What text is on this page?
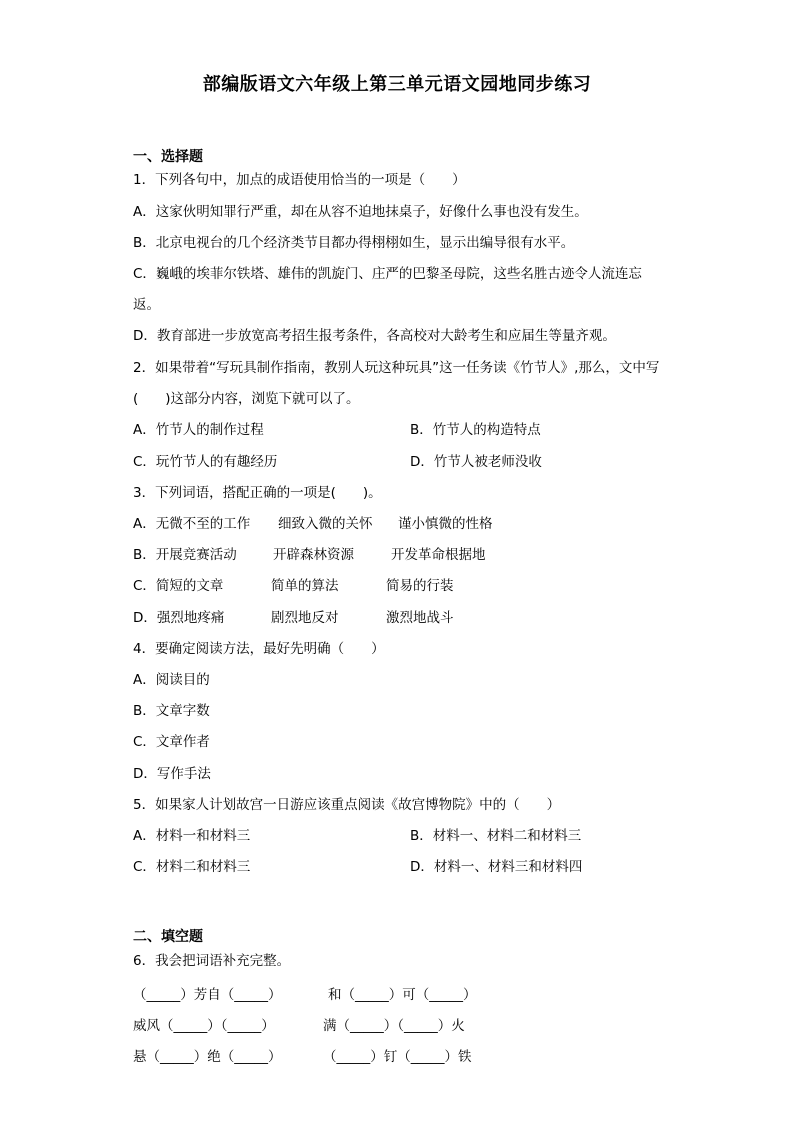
部编版语文六年级上第三单元语文园地同步练习
一、选择题
1．下列各句中，加点的成语使用恰当的一项是（　　）
A．这家伙明知罪行严重，却在从容不迫地抹桌子，好像什么事也没有发生。
B．北京电视台的几个经济类节目都办得栩栩如生，显示出编导很有水平。
C．巍峨的埃菲尔铁塔、雄伟的凯旋门、庄严的巴黎圣母院，这些名胜古迹令人流连忘
返。
D．教育部进一步放宽高考招生报考条件，各高校对大龄考生和应届生等量齐观。
2．如果带着“写玩具制作指南，教别人玩这种玩具”这一任务读《竹节人》,那么，文中写
(　　)这部分内容，浏览下就可以了。
A．竹节人的制作过程	B．竹节人的构造特点
C．玩竹节人的有趣经历	D．竹节人被老师没收
3．下列词语，搭配正确的一项是(　　)。
A．无微不至的工作 细致入微的关怀 谨小慎微的性格
B．开展竞赛活动	开辟森林资源	开发革命根据地
C．简短的文章	简单的算法	简易的行装
D．强烈地疼痛	剧烈地反对	激烈地战斗
4．要确定阅读方法，最好先明确（　　）
A．阅读目的
B．文章字数
C．文章作者
D．写作手法
5．如果家人计划故宫一日游应该重点阅读《故宫博物院》中的（　　）
A．材料一和材料三	B．材料一、材料二和材料三
C．材料二和材料三	D．材料一、材料三和材料四
二、填空题
6．我会把词语补充完整。
（_____）芳自（_____）	和（_____）可（_____）
威风（_____）（_____）	满（_____）（_____）火
悬（_____）绝（_____）	（_____）钉（_____）铁
